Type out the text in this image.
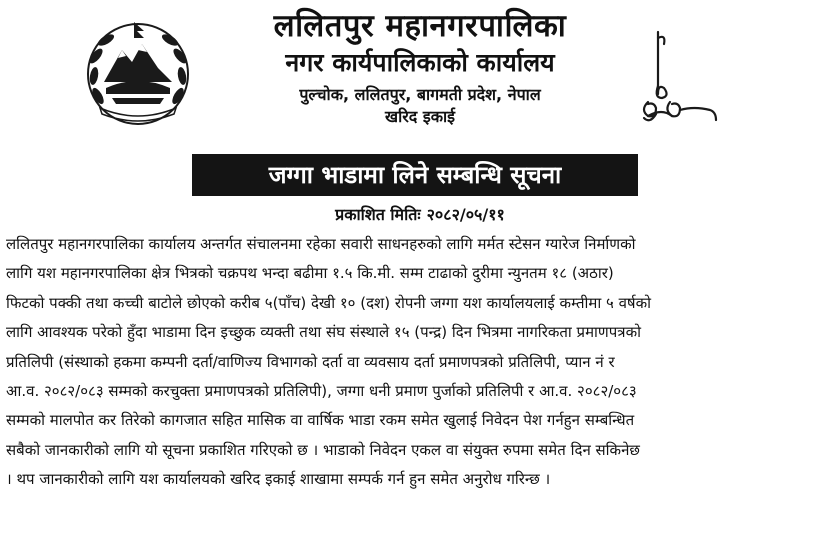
ललितपुर महानगरपालिका
नगर कार्यपालिकाको कार्यालय
पुल्चोक, ललितपुर, बागमती प्रदेश, नेपाल
खरिद इकाई
जग्गा भाडामा लिने सम्बन्धि सूचना
प्रकाशित मितिः २०८२/०५/११
ललितपुर महानगरपालिका कार्यालय अन्तर्गत संचालनमा रहेका सवारी साधनहरुको लागि मर्मत स्टेसन ग्यारेज निर्माणको
लागि यश महानगरपालिका क्षेत्र भित्रको चक्रपथ भन्दा बढीमा १.५ कि.मी. सम्म टाढाको दुरीमा न्युनतम १८ (अठार)
फिटको पक्की तथा कच्ची बाटोले छोएको करीब ५(पाँच) देखी १० (दश) रोपनी जग्गा यश कार्यालयलाई कम्तीमा ५ वर्षको
लागि आवश्यक परेको हुँदा भाडामा दिन इच्छुक व्यक्ती तथा संघ संस्थाले १५ (पन्द्र) दिन भित्रमा नागरिकता प्रमाणपत्रको
प्रतिलिपी (संस्थाको हकमा कम्पनी दर्ता/वाणिज्य विभागको दर्ता वा व्यवसाय दर्ता प्रमाणपत्रको प्रतिलिपी, प्यान नं र
आ.व. २०८२/०८३ सम्मको करचुक्ता प्रमाणपत्रको प्रतिलिपी), जग्गा धनी प्रमाण पुर्जाको प्रतिलिपी र आ.व. २०८२/०८३
सम्मको मालपोत कर तिरेको कागजात सहित मासिक वा वार्षिक भाडा रकम समेत खुलाई निवेदन पेश गर्नहुन सम्बन्धित
सबैको जानकारीको लागि यो सूचना प्रकाशित गरिएको छ । भाडाको निवेदन एकल वा संयुक्त रुपमा समेत दिन सकिनेछ
। थप जानकारीको लागि यश कार्यालयको खरिद इकाई शाखामा सम्पर्क गर्न हुन समेत अनुरोध गरिन्छ ।
